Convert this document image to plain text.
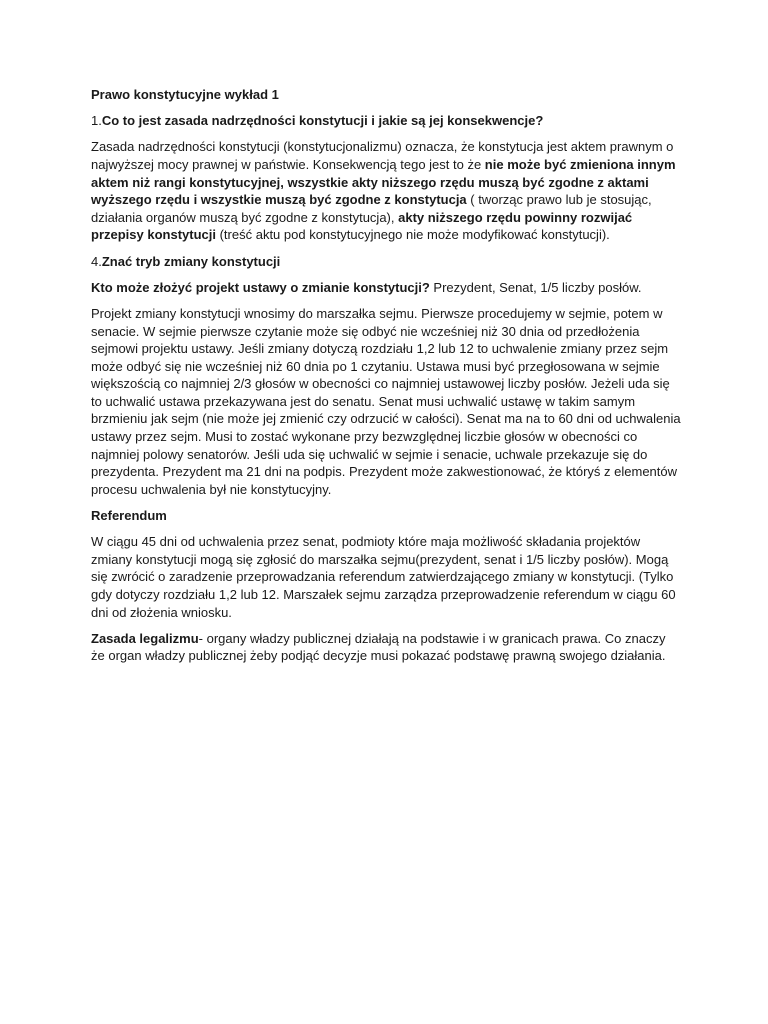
Prawo konstytucyjne wykład 1

1.Co to jest zasada nadrzędności konstytucji i jakie są jej konsekwencje?

Zasada nadrzędności konstytucji (konstytucjonalizmu) oznacza, że konstytucja jest aktem prawnym o najwyższej mocy prawnej w państwie. Konsekwencją tego jest to że nie może być zmieniona innym aktem niż rangi konstytucyjnej, wszystkie akty niższego rzędu muszą być zgodne z aktami wyższego rzędu i wszystkie muszą być zgodne z konstytucja ( tworząc prawo lub je stosując, działania organów muszą być zgodne z konstytucja), akty niższego rzędu powinny rozwijać przepisy konstytucji (treść aktu pod konstytucyjnego nie może modyfikować konstytucji).

4.Znać tryb zmiany konstytucji

Kto może złożyć projekt ustawy o zmianie konstytucji? Prezydent, Senat, 1/5 liczby posłów.

Projekt zmiany konstytucji wnosimy do marszałka sejmu. Pierwsze procedujemy w sejmie, potem w senacie. W sejmie pierwsze czytanie może się odbyć nie wcześniej niż 30 dnia od przedłożenia sejmowi projektu ustawy. Jeśli zmiany dotyczą rozdziału 1,2 lub 12 to uchwalenie zmiany przez sejm może odbyć się nie wcześniej niż 60 dnia po 1 czytaniu. Ustawa musi być przegłosowana w sejmie większością co najmniej 2/3 głosów w obecności co najmniej ustawowej liczby posłów. Jeżeli uda się to uchwalić ustawa przekazywana jest do senatu. Senat musi uchwalić ustawę w takim samym brzmieniu jak sejm (nie może jej zmienić czy odrzucić w całości). Senat ma na to 60 dni od uchwalenia ustawy przez sejm. Musi to zostać wykonane przy bezwzględnej liczbie głosów w obecności co najmniej polowy senatorów. Jeśli uda się uchwalić w sejmie i senacie, uchwale przekazuje się do prezydenta. Prezydent ma 21 dni na podpis. Prezydent może zakwestionować, że któryś z elementów procesu uchwalenia był nie konstytucyjny.

Referendum

W ciągu 45 dni od uchwalenia przez senat, podmioty które maja możliwość składania projektów zmiany konstytucji mogą się zgłosić do marszałka sejmu(prezydent, senat i 1/5 liczby posłów). Mogą się zwrócić o zaradzenie przeprowadzania referendum zatwierdzającego zmiany w konstytucji. (Tylko gdy dotyczy rozdziału 1,2 lub 12. Marszałek sejmu zarządza przeprowadzenie referendum w ciągu 60 dni od złożenia wniosku.

Zasada legalizmu- organy władzy publicznej działają na podstawie i w granicach prawa. Co znaczy że organ władzy publicznej żeby podjąć decyzje musi pokazać podstawę prawną swojego działania.
